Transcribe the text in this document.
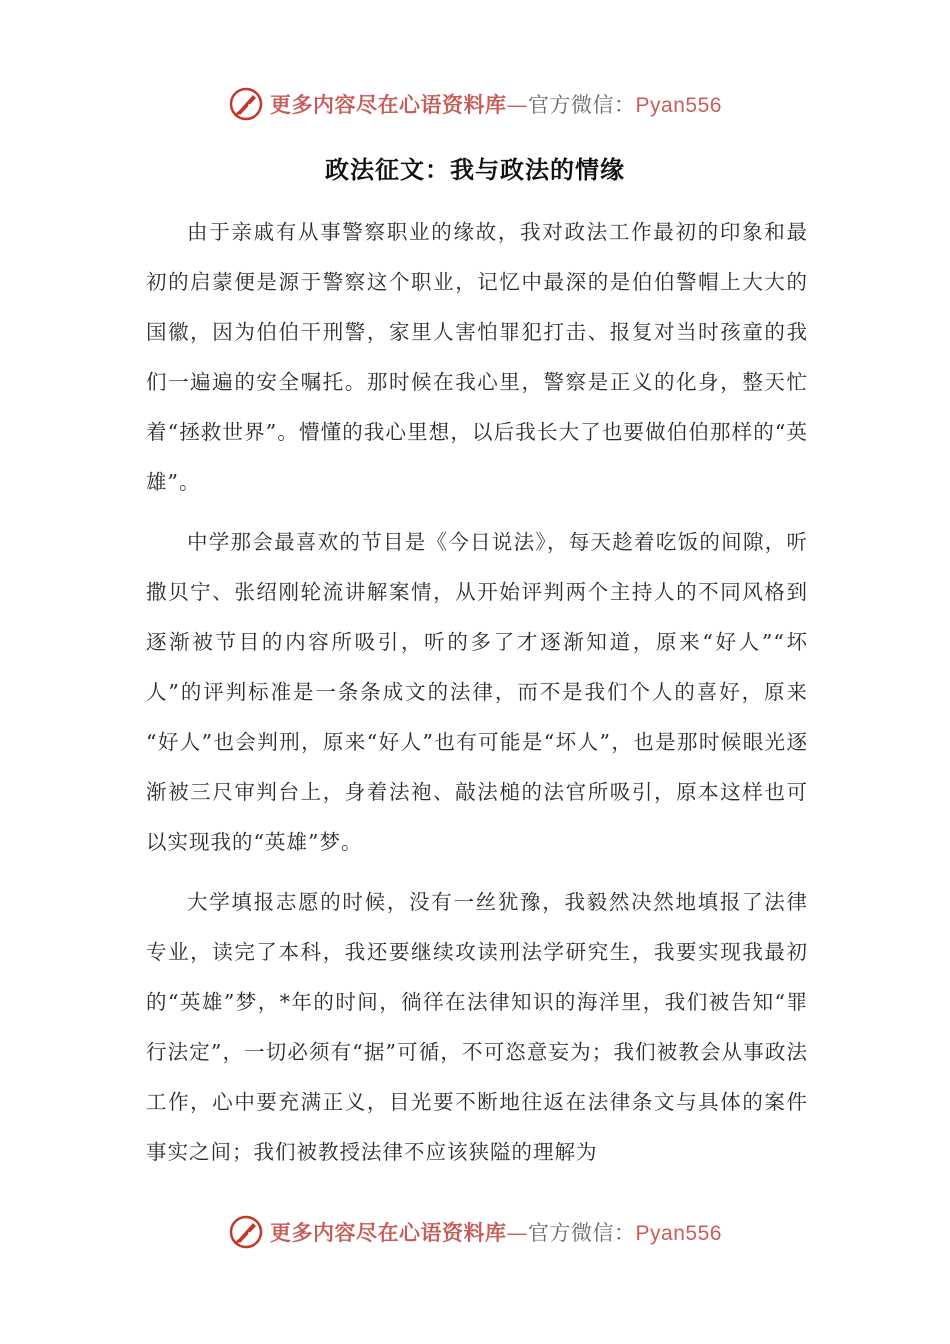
更多内容尽在心语资料库—官方微信：Pyan556
政法征文：我与政法的情缘

由于亲戚有从事警察职业的缘故，我对政法工作最初的印象和最初的启蒙便是源于警察这个职业，记忆中最深的是伯伯警帽上大大的国徽，因为伯伯干刑警，家里人害怕罪犯打击、报复对当时孩童的我们一遍遍的安全嘱托。那时候在我心里，警察是正义的化身，整天忙着“拯救世界”。懵懂的我心里想，以后我长大了也要做伯伯那样的“英雄”。

中学那会最喜欢的节目是《今日说法》，每天趁着吃饭的间隙，听撒贝宁、张绍刚轮流讲解案情，从开始评判两个主持人的不同风格到逐渐被节目的内容所吸引，听的多了才逐渐知道，原来“好人”“坏人”的评判标准是一条条成文的法律，而不是我们个人的喜好，原来 “好人”也会判刑，原来“好人”也有可能是“坏人”，也是那时候眼光逐渐被三尺审判台上，身着法袍、敲法槌的法官所吸引，原本这样也可以实现我的“英雄”梦。

大学填报志愿的时候，没有一丝犹豫，我毅然决然地填报了法律专业，读完了本科，我还要继续攻读刑法学研究生，我要实现我最初的“英雄”梦，*年的时间，徜徉在法律知识的海洋里，我们被告知“罪行法定”，一切必须有“据”可循，不可恣意妄为；我们被教会从事政法工作，心中要充满正义，目光要不断地往返在法律条文与具体的案件事实之间；我们被教授法律不应该狭隘的理解为

更多内容尽在心语资料库—官方微信：Pyan556
